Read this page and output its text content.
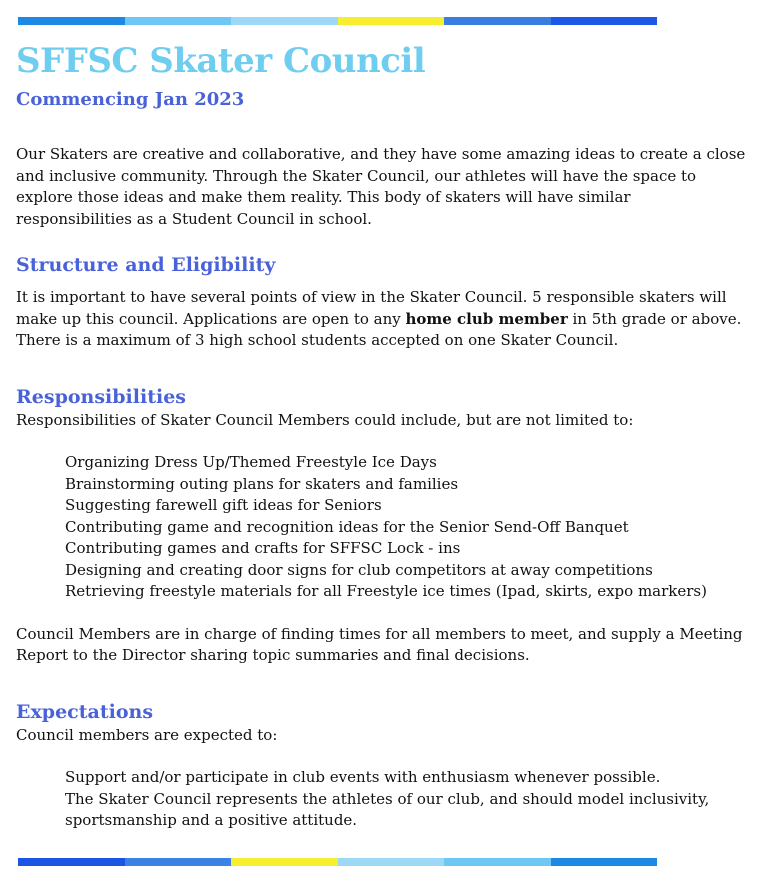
SFFSC Skater Council
Commencing Jan 2023

Our Skaters are creative and collaborative, and they have some amazing ideas to create a close and inclusive community. Through the Skater Council, our athletes will have the space to explore those ideas and make them reality. This body of skaters will have similar responsibilities as a Student Council in school.

Structure and Eligibility

It is important to have several points of view in the Skater Council. 5 responsible skaters will make up this council. Applications are open to any home club member in 5th grade or above.
There is a maximum of 3 high school students accepted on one Skater Council.

Responsibilities

Responsibilities of Skater Council Members could include, but are not limited to:

Organizing Dress Up/Themed Freestyle Ice Days
Brainstorming outing plans for skaters and families
Suggesting farewell gift ideas for Seniors
Contributing game and recognition ideas for the Senior Send-Off Banquet
Contributing games and crafts for SFFSC Lock - ins
Designing and creating door signs for club competitors at away competitions
Retrieving freestyle materials for all Freestyle ice times (Ipad, skirts, expo markers)

Council Members are in charge of finding times for all members to meet, and supply a Meeting Report to the Director sharing topic summaries and final decisions.

Expectations

Council members are expected to:

Support and/or participate in club events with enthusiasm whenever possible.
The Skater Council represents the athletes of our club, and should model inclusivity, sportsmanship and a positive attitude.
